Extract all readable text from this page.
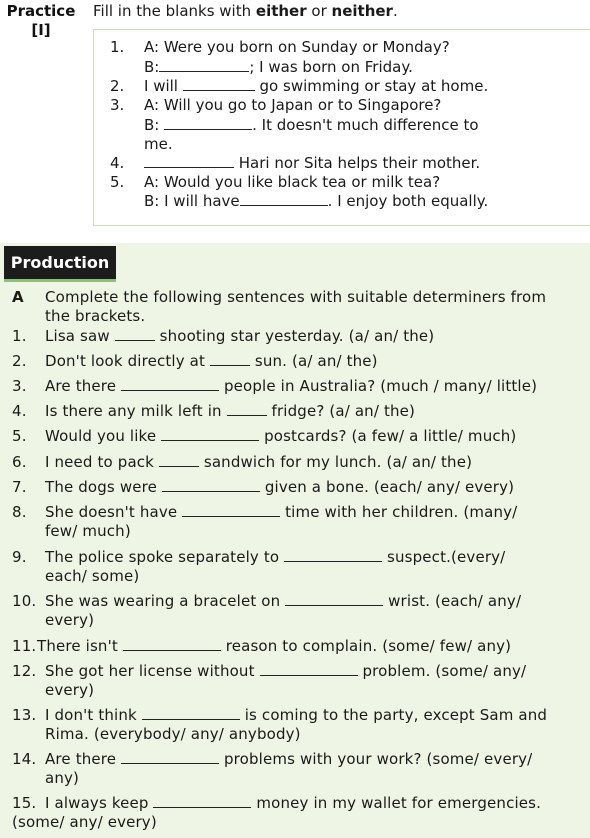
Practice
[I]
Fill in the blanks with either or neither.
1. A: Were you born on Sunday or Monday?
B:	; I was born on Friday.
2. I will	go swimming or stay at home.
3. A: Will you go to Japan or to Singapore?
B:	. It doesn't much difference to
me.
4.	Hari nor Sita helps their mother.
5. A: Would you like black tea or milk tea?
B: I will have	. I enjoy both equally.
Production
A Complete the following sentences with suitable determiners from
the brackets.
1. Lisa saw	shooting star yesterday. (a/ an/ the)
2. Don't look directly at	sun. (a/ an/ the)
3. Are there	people in Australia? (much / many/ little)
4. Is there any milk left in	fridge? (a/ an/ the)
5. Would you like	postcards? (a few/ a little/ much)
6. I need to pack	sandwich for my lunch. (a/ an/ the)
7. The dogs were	given a bone. (each/ any/ every)
8. She doesn't have	time with her children. (many/
few/ much)
9. The police spoke separately to	suspect.(every/
each/ some)
10. She was wearing a bracelet on	wrist. (each/ any/
every)
11. There isn't	reason to complain. (some/ few/ any)
12. She got her license without	problem. (some/ any/
every)
13. I don't think	is coming to the party, except Sam and
Rima. (everybody/ any/ anybody)
14. Are there	problems with your work? (some/ every/
any)
15. I always keep	money in my wallet for emergencies.
(some/ any/ every)
